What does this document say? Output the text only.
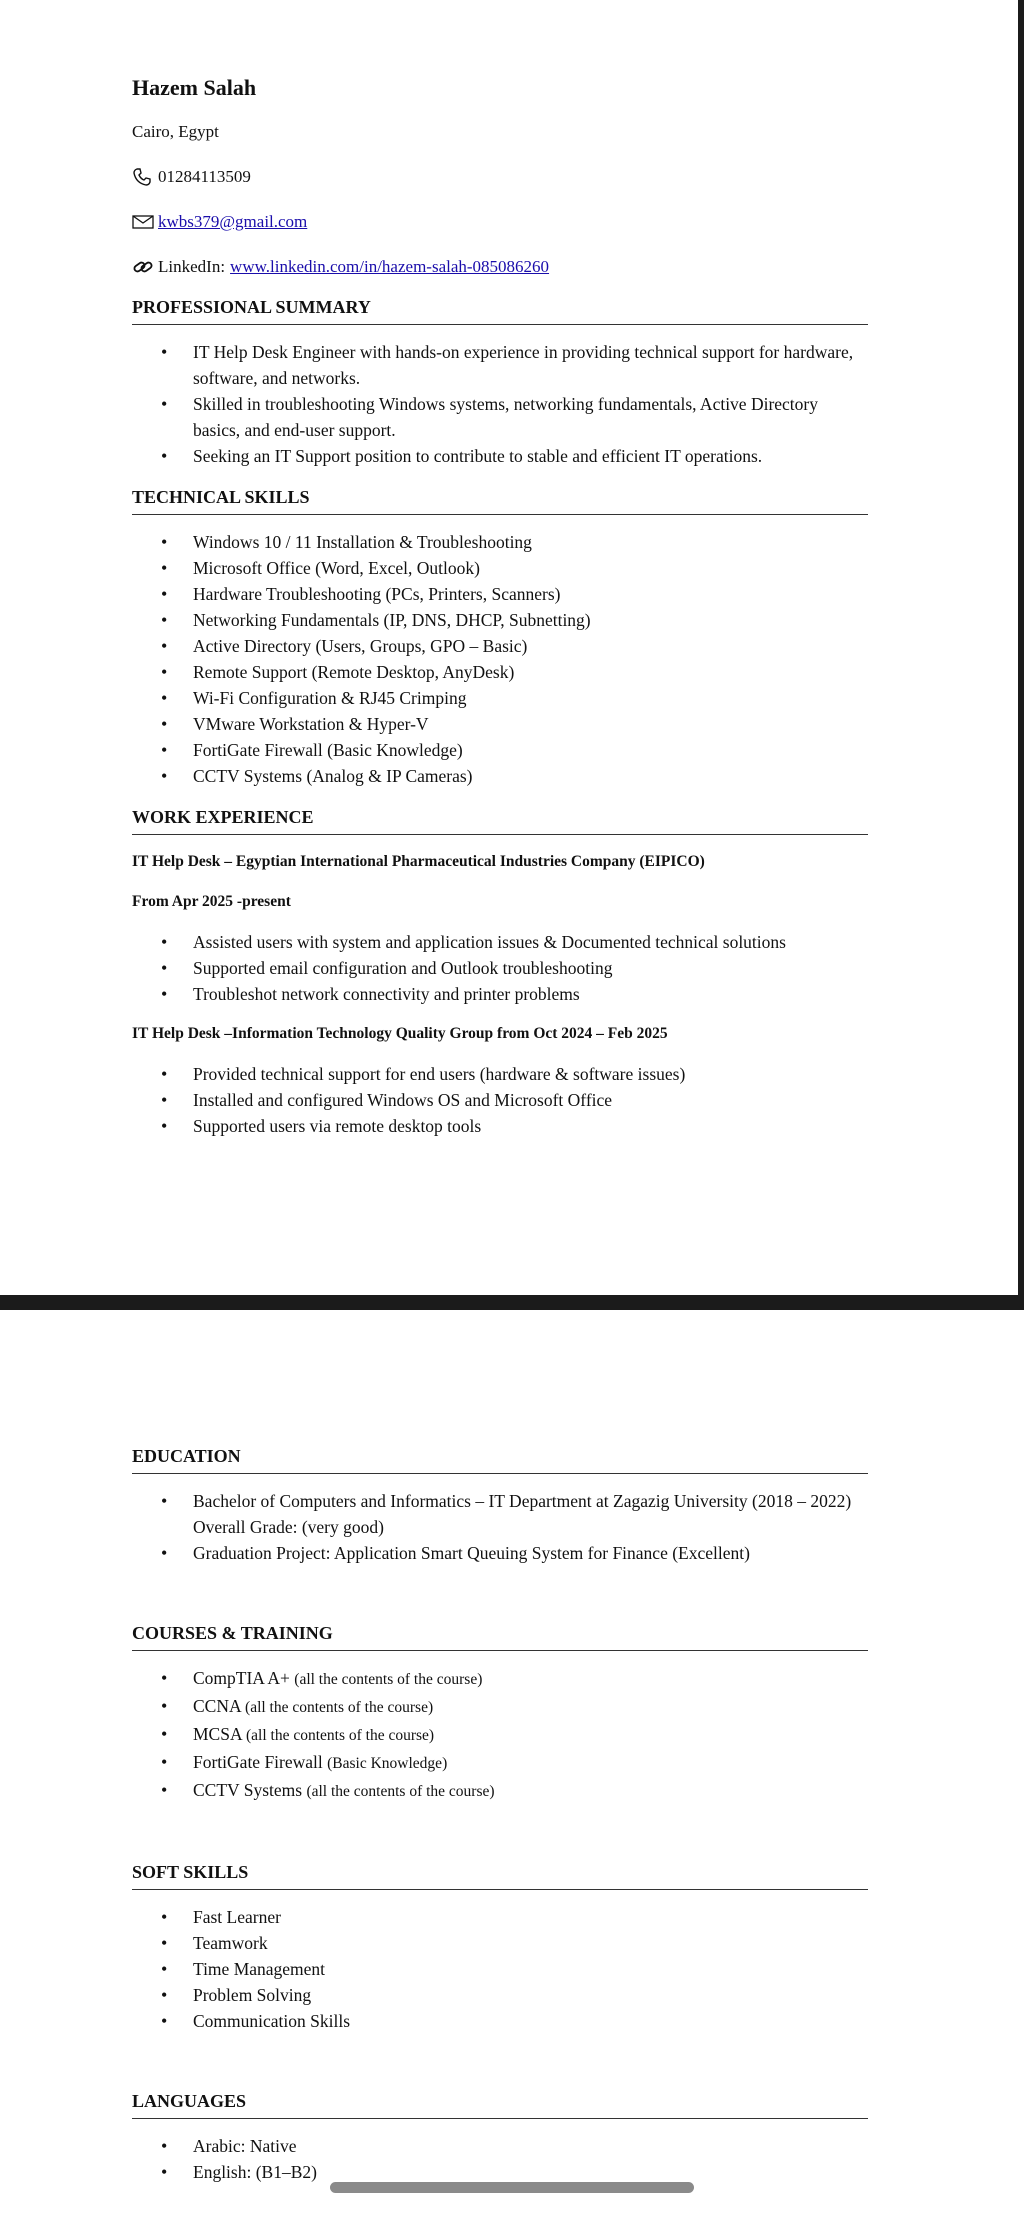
Hazem Salah
Cairo, Egypt
01284113509
kwbs379@gmail.com
LinkedIn: www.linkedin.com/in/hazem-salah-085086260
PROFESSIONAL SUMMARY
• IT Help Desk Engineer with hands-on experience in providing technical support for hardware, software, and networks.
• Skilled in troubleshooting Windows systems, networking fundamentals, Active Directory basics, and end-user support.
• Seeking an IT Support position to contribute to stable and efficient IT operations.
TECHNICAL SKILLS
• Windows 10 / 11 Installation & Troubleshooting
• Microsoft Office (Word, Excel, Outlook)
• Hardware Troubleshooting (PCs, Printers, Scanners)
• Networking Fundamentals (IP, DNS, DHCP, Subnetting)
• Active Directory (Users, Groups, GPO – Basic)
• Remote Support (Remote Desktop, AnyDesk)
• Wi-Fi Configuration & RJ45 Crimping
• VMware Workstation & Hyper-V
• FortiGate Firewall (Basic Knowledge)
• CCTV Systems (Analog & IP Cameras)
WORK EXPERIENCE
IT Help Desk – Egyptian International Pharmaceutical Industries Company (EIPICO)
From Apr 2025 -present
• Assisted users with system and application issues & Documented technical solutions
• Supported email configuration and Outlook troubleshooting
• Troubleshot network connectivity and printer problems
IT Help Desk –Information Technology Quality Group from Oct 2024 – Feb 2025
• Provided technical support for end users (hardware & software issues)
• Installed and configured Windows OS and Microsoft Office
• Supported users via remote desktop tools
EDUCATION
• Bachelor of Computers and Informatics – IT Department at Zagazig University (2018 – 2022) Overall Grade: (very good)
• Graduation Project: Application Smart Queuing System for Finance (Excellent)
COURSES & TRAINING
• CompTIA A+ (all the contents of the course)
• CCNA (all the contents of the course)
• MCSA (all the contents of the course)
• FortiGate Firewall (Basic Knowledge)
• CCTV Systems (all the contents of the course)
SOFT SKILLS
• Fast Learner
• Teamwork
• Time Management
• Problem Solving
• Communication Skills
LANGUAGES
• Arabic: Native
• English: (B1–B2)
